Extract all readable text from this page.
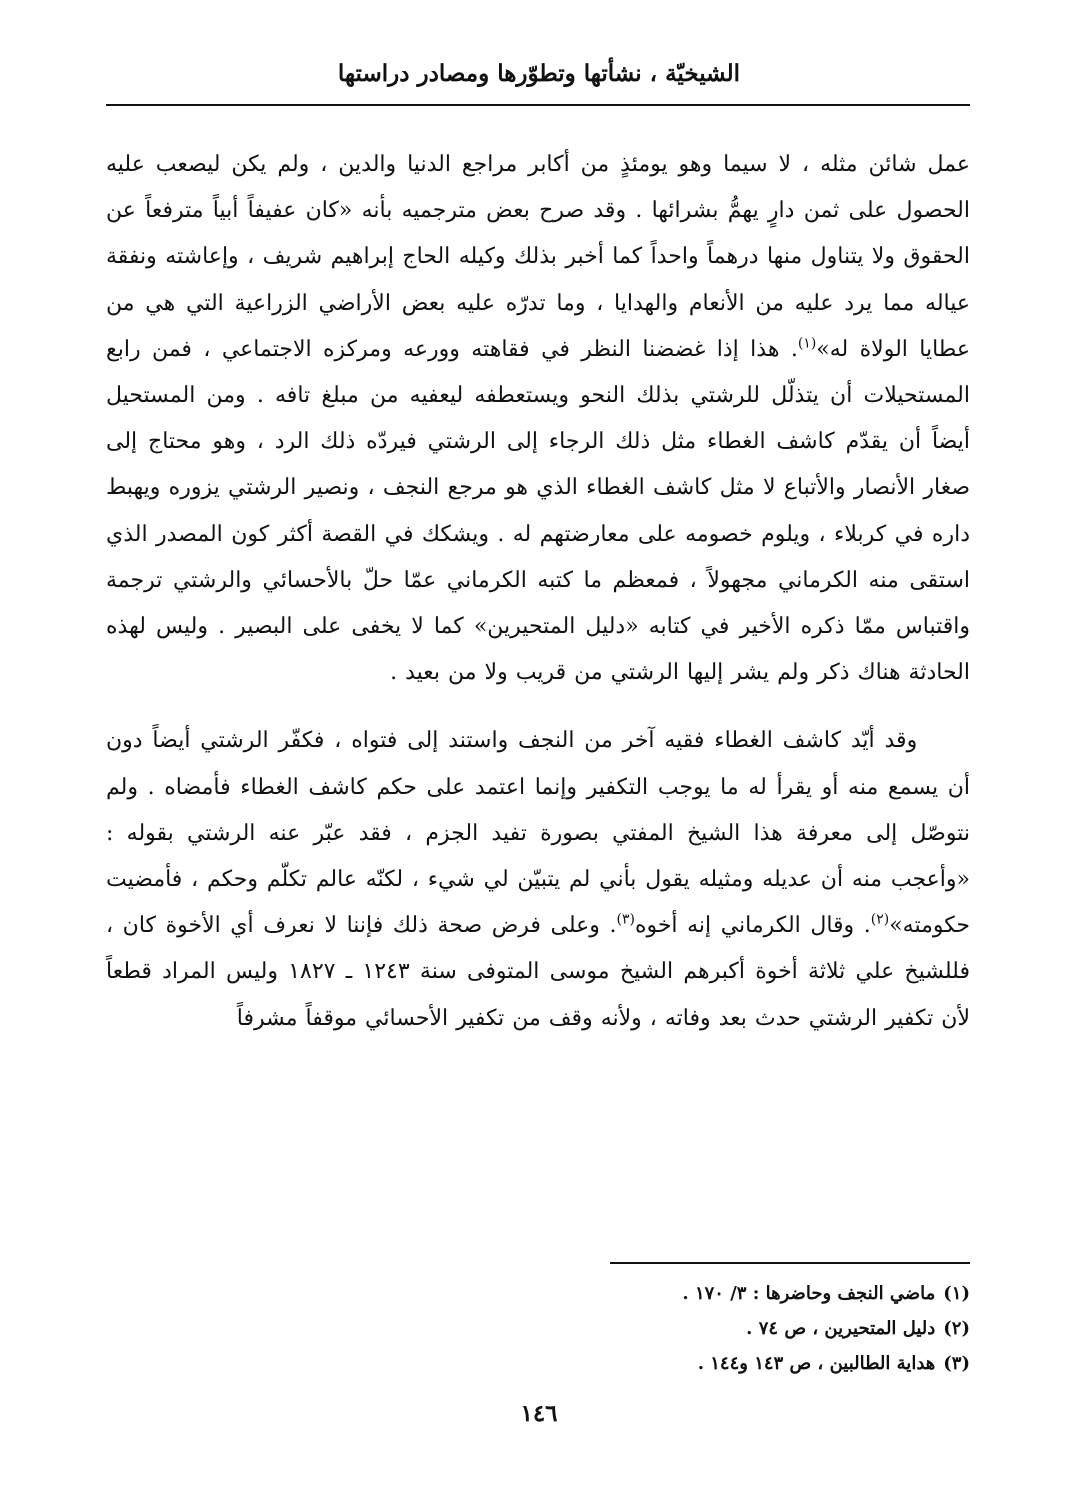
الشيخيّة ، نشأتها وتطوّرها ومصادر دراستها

عمل شائن مثله ، لا سيما وهو يومئذٍ من أكابر مراجع الدنيا والدين ، ولم يكن ليصعب عليه الحصول على ثمن دارٍ يهمُّ بشرائها . وقد صرح بعض مترجميه بأنه «كان عفيفاً أبياً مترفعاً عن الحقوق ولا يتناول منها درهماً واحداً كما أخبر بذلك وكيله الحاج إبراهيم شريف ، وإعاشته ونفقة عياله مما يرد عليه من الأنعام والهدايا ، وما تدرّه عليه بعض الأراضي الزراعية التي هي من عطايا الولاة له»$^{(١)}$. هذا إذا غضضنا النظر في فقاهته وورعه ومركزه الاجتماعي ، فمن رابع المستحيلات أن يتذلّل للرشتي بذلك النحو ويستعطفه ليعفيه من مبلغ تافه . ومن المستحيل أيضاً أن يقدّم كاشف الغطاء مثل ذلك الرجاء إلى الرشتي فيردّه ذلك الرد ، وهو محتاج إلى صغار الأنصار والأتباع لا مثل كاشف الغطاء الذي هو مرجع النجف ، ونصير الرشتي يزوره ويهبط داره في كربلاء ، ويلوم خصومه على معارضتهم له . ويشكك في القصة أكثر كون المصدر الذي استقى منه الكرماني مجهولاً ، فمعظم ما كتبه الكرماني عمّا حلّ بالأحسائي والرشتي ترجمة واقتباس ممّا ذكره الأخير في كتابه «دليل المتحيرين» كما لا يخفى على البصير . وليس لهذه الحادثة هناك ذكر ولم يشر إليها الرشتي من قريب ولا من بعيد .

وقد أيّد كاشف الغطاء فقيه آخر من النجف واستند إلى فتواه ، فكفّر الرشتي أيضاً دون أن يسمع منه أو يقرأ له ما يوجب التكفير وإنما اعتمد على حكم كاشف الغطاء فأمضاه . ولم نتوصّل إلى معرفة هذا الشيخ المفتي بصورة تفيد الجزم ، فقد عبّر عنه الرشتي بقوله : «وأعجب منه أن عديله ومثيله يقول بأني لم يتبيّن لي شيء ، لكنّه عالم تكلّم وحكم ، فأمضيت حكومته»$^{(٢)}$. وقال الكرماني إنه أخوه$^{(٣)}$. وعلى فرض صحة ذلك فإننا لا نعرف أي الأخوة كان ، فللشيخ علي ثلاثة أخوة أكبرهم الشيخ موسى المتوفى سنة ١٢٤٣ ـ ١٨٢٧ وليس المراد قطعاً لأن تكفير الرشتي حدث بعد وفاته ، ولأنه وقف من تكفير الأحسائي موقفاً مشرفاً

(١)ماضي النجف وحاضرها : ٣/ ١٧٠ .

(٢)دليل المتحيرين ، ص ٧٤ .

(٣)هداية الطالبين ، ص ١٤٣ و١٤٤ .

١٤٦
